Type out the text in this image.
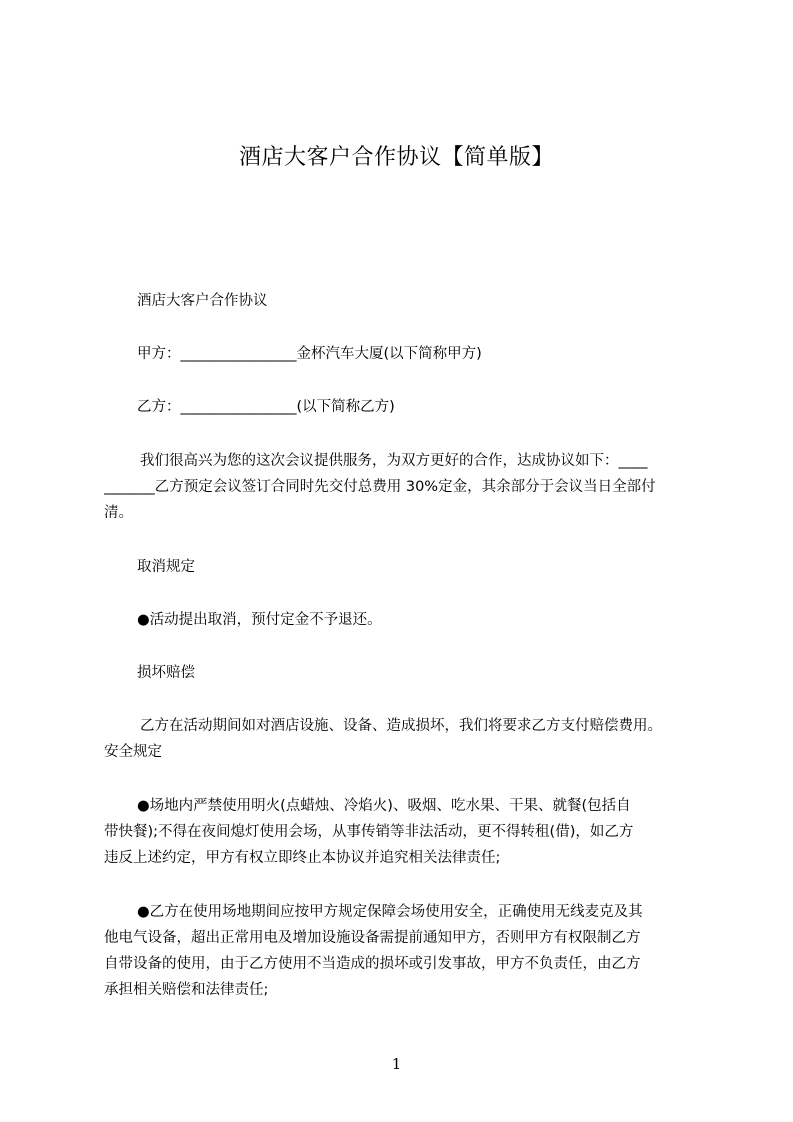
酒店大客户合作协议【简单版】
酒店大客户合作协议
甲方：________________金杯汽车大厦(以下简称甲方)
乙方：________________(以下简称乙方)
我们很高兴为您的这次会议提供服务，为双方更好的合作，达成协议如下：____
_______乙方预定会议签订合同时先交付总费用 30%定金，其余部分于会议当日全部付
清。
取消规定
●活动提出取消，预付定金不予退还。
损坏赔偿
乙方在活动期间如对酒店设施、设备、造成损坏，我们将要求乙方支付赔偿费用。
安全规定
●场地内严禁使用明火(点蜡烛、冷焰火)、吸烟、吃水果、干果、就餐(包括自
带快餐);不得在夜间熄灯使用会场，从事传销等非法活动，更不得转租(借)，如乙方
违反上述约定，甲方有权立即终止本协议并追究相关法律责任;
●乙方在使用场地期间应按甲方规定保障会场使用安全，正确使用无线麦克及其
他电气设备，超出正常用电及增加设施设备需提前通知甲方，否则甲方有权限制乙方
自带设备的使用，由于乙方使用不当造成的损坏或引发事故，甲方不负责任，由乙方
承担相关赔偿和法律责任;
1
